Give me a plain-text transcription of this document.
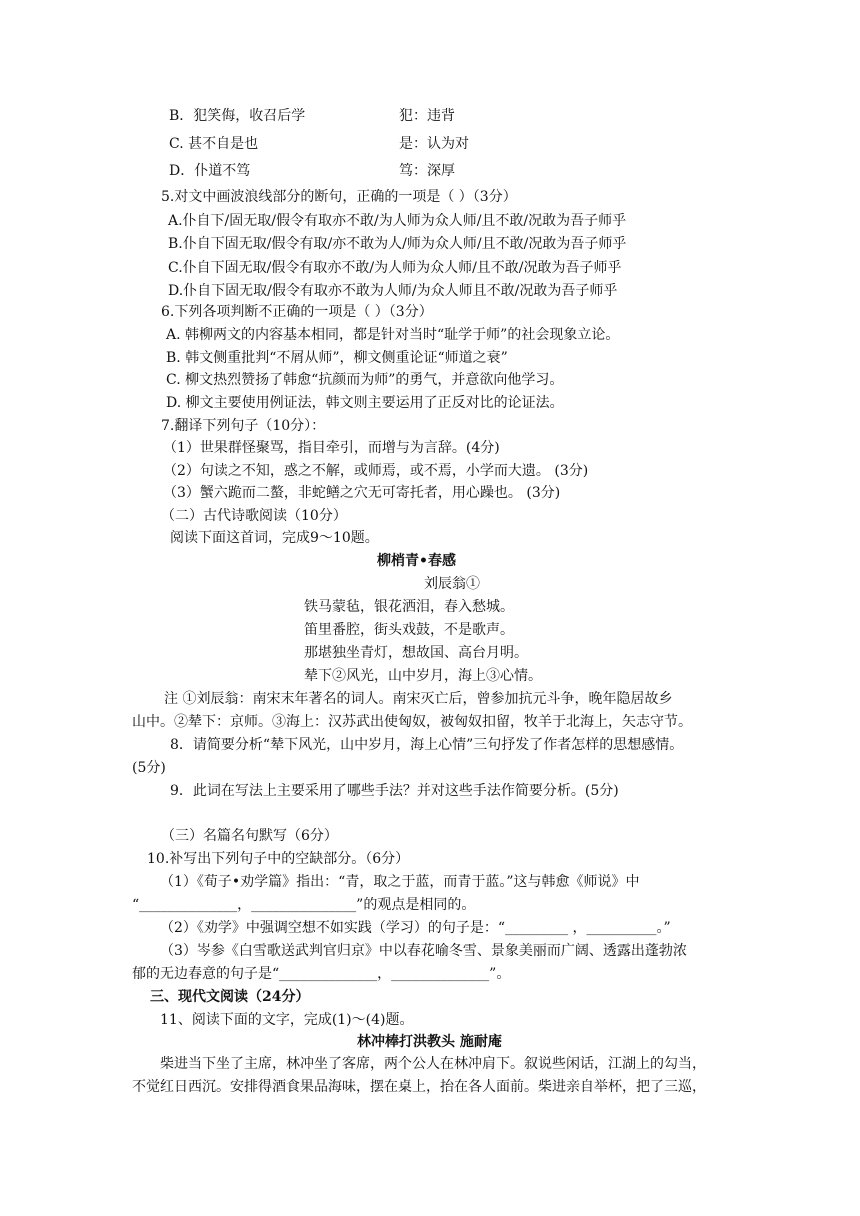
B．犯笑侮，收召后学	犯：违背
C. 甚不自是也	是：认为对
D．仆道不笃	笃：深厚
5.对文中画波浪线部分的断句，正确的一项是（ ）（3分）
A.仆自下/固无取/假令有取亦不敢/为人师为众人师/且不敢/况敢为吾子师乎
B.仆自下固无取/假令有取/亦不敢为人/师为众人师/且不敢/况敢为吾子师乎
C.仆自下固无取/假令有取亦不敢/为人师为众人师/且不敢/况敢为吾子师乎
D.仆自下固无取/假令有取亦不敢为人师/为众人师且不敢/况敢为吾子师乎
6.下列各项判断不正确的一项是（ ）（3分）
A. 韩柳两文的内容基本相同，都是针对当时“耻学于师”的社会现象立论。
B. 韩文侧重批判“不屑从师”，柳文侧重论证“师道之衰”
C. 柳文热烈赞扬了韩愈“抗颜而为师”的勇气，并意欲向他学习。
D. 柳文主要使用例证法，韩文则主要运用了正反对比的论证法。
7.翻译下列句子（10分）：
（1）世果群怪聚骂，指目牵引，而增与为言辞。(4分)
（2）句读之不知，惑之不解，或师焉，或不焉，小学而大遗。 (3分)
（3）蟹六跪而二螯，非蛇鳝之穴无可寄托者，用心躁也。 (3分)
（二）古代诗歌阅读（10分）
阅读下面这首词，完成9～10题。
柳梢青•春感
刘辰翁①
铁马蒙毡，银花洒泪，春入愁城。
笛里番腔，街头戏鼓，不是歌声。
那堪独坐青灯，想故国、高台月明。
辇下②风光，山中岁月，海上③心情。
注 ①刘辰翁：南宋末年著名的词人。南宋灭亡后，曾参加抗元斗争，晚年隐居故乡
山中。②辇下：京师。③海上：汉苏武出使匈奴，被匈奴扣留，牧羊于北海上，矢志守节。
8．请简要分析“辇下风光，山中岁月，海上心情”三句抒发了作者怎样的思想感情。
(5分)
9．此词在写法上主要采用了哪些手法？并对这些手法作简要分析。(5分)
（三）名篇名句默写（6分）
10.补写出下列句子中的空缺部分。（6分）
（1）《荀子•劝学篇》指出：“青，取之于蓝，而青于蓝。”这与韩愈《师说》中
“______________，_______________”的观点是相同的。
（2）《劝学》中强调空想不如实践（学习）的句子是：“_________ ，__________。”
（3）岑参《白雪歌送武判官归京》中以春花喻冬雪、景象美丽而广阔、透露出蓬勃浓
郁的无边春意的句子是“______________，______________”。
三、现代文阅读（24分）
11、阅读下面的文字，完成(1)～(4)题。
林冲棒打洪教头 施耐庵
柴进当下坐了主席，林冲坐了客席，两个公人在林冲肩下。叙说些闲话，江湖上的勾当，
不觉红日西沉。安排得酒食果品海味，摆在桌上，抬在各人面前。柴进亲自举杯，把了三巡，
